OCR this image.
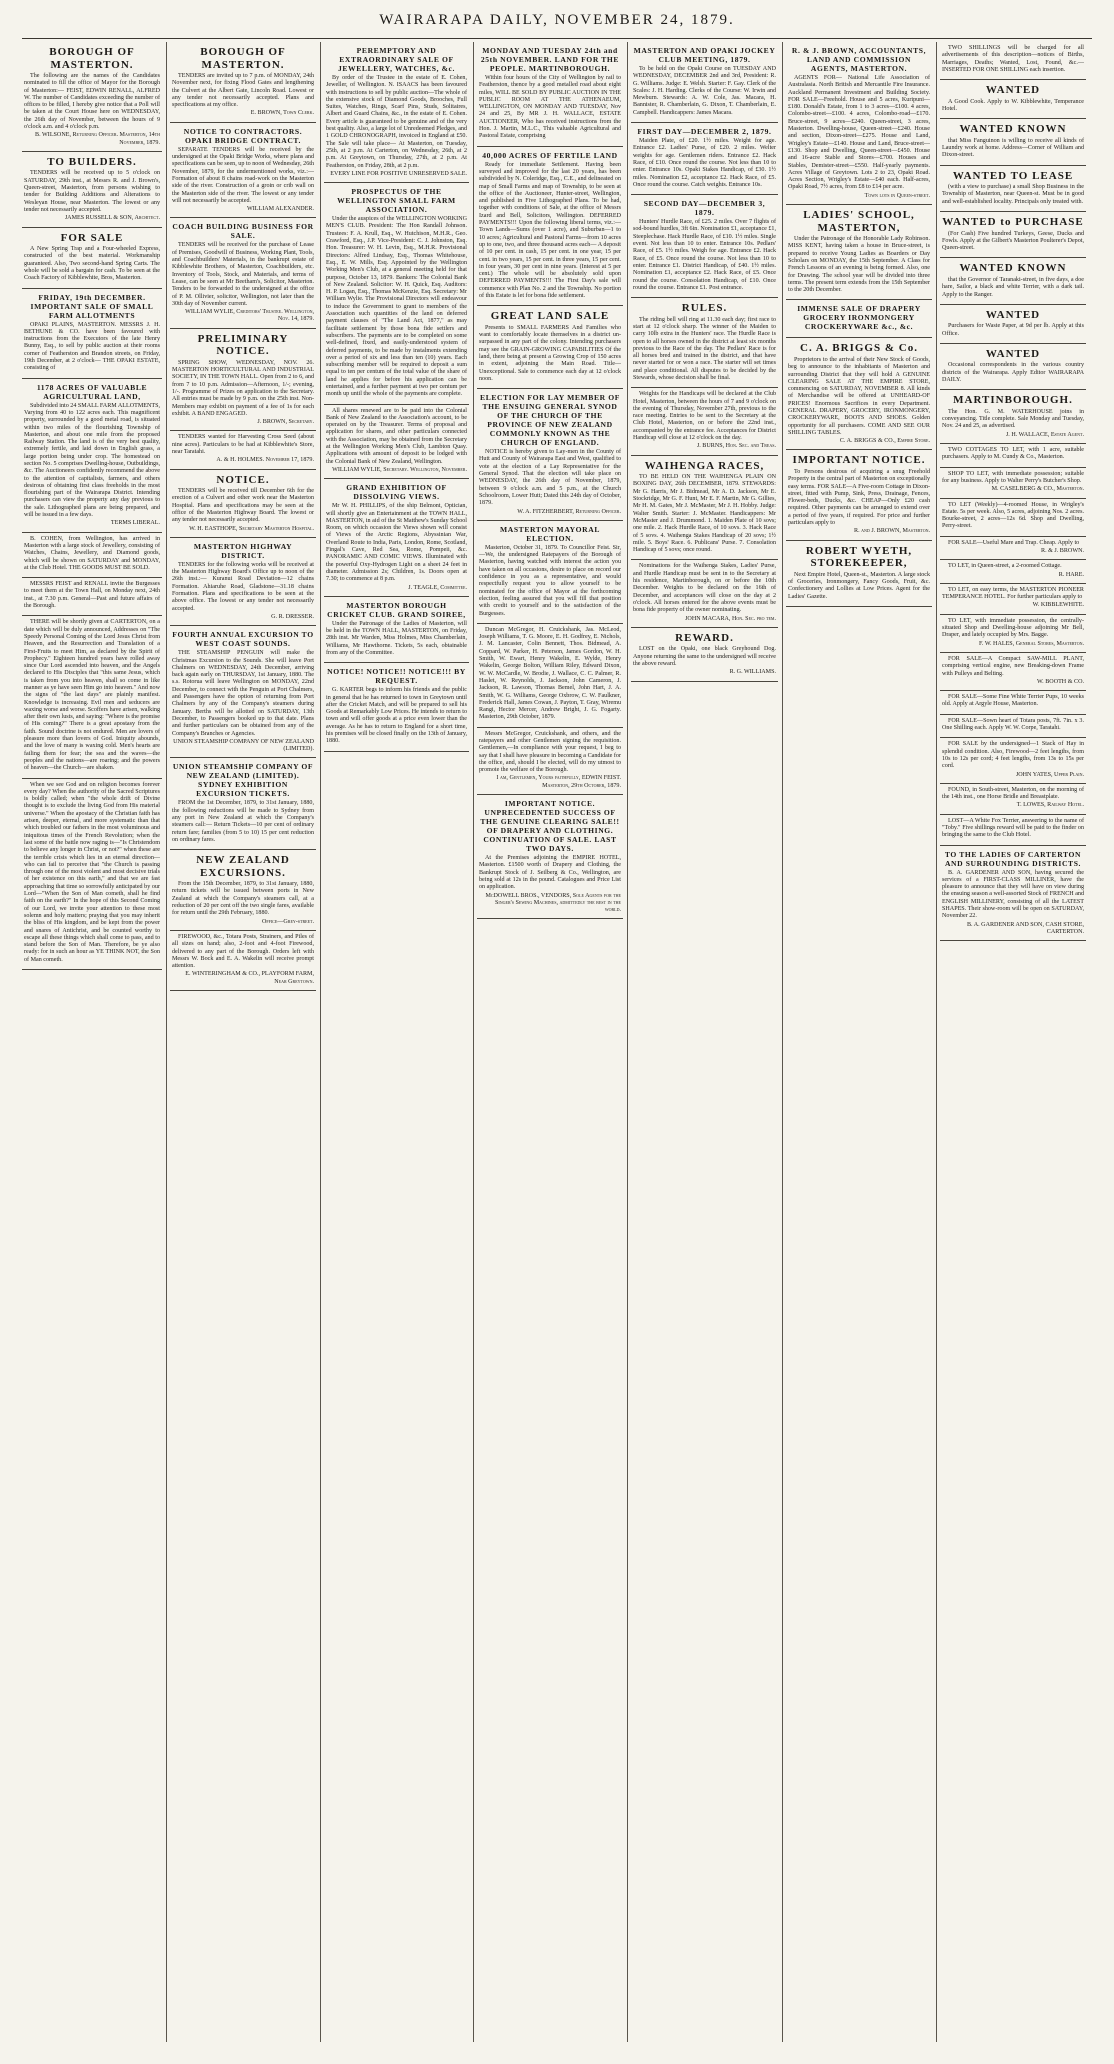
WAIRARAPA DAILY, NOVEMBER 24, 1879.
BOROUGH OF MASTERTON.

The following are the names of the Candidates nominated to fill the office of Mayor for the Borough of Masterton:— FEIST, EDWIN RENALL, ALFRED W. The number of Candidates exceeding the number of offices to be filled, I hereby give notice that a Poll will be taken at the Court House here on WEDNESDAY, the 26th day of November, between the hours of 9 o'clock a.m. and 4 o'clock p.m.

B. WILSONE, Returning Officer. Masterton, 14th November, 1879.
TO BUILDERS.

TENDERS will be received up to 5 o'clock on SATURDAY, 29th inst., at Messrs R. and J. Brown's, Queen-street, Masterton, from persons wishing to tender for Building Additions and Alterations to Wesleyan House, near Masterton. The lowest or any tender not necessarily accepted.

JAMES RUSSELL & SON, Architect.
FOR SALE

A New Spring Trap and a Four-wheeled Express, constructed of the best material. Workmanship guaranteed. Also, Two second-hand Spring Carts. The whole will be sold a bargain for cash. To be seen at the Coach Factory of Kibblewhite, Bros, Masterton.

FRIDAY, 19th DECEMBER. IMPORTANT SALE OF SMALL FARM ALLOTMENTS

OPAKI PLAINS, MASTERTON. MESSRS J. H. BETHUNE & CO. have been favoured with instructions from the Executors of the late Henry Bunny, Esq., to sell by public auction at their rooms corner of Featherston and Brandon streets, on Friday, 19th December, at 2 o'clock— THE OPAKI ESTATE, consisting of

1178 ACRES OF VALUABLE AGRICULTURAL LAND,

Subdivided into 24 SMALL FARM ALLOTMENTS, Varying from 40 to 122 acres each. This magnificent property, surrounded by a good metal road, is situated within two miles of the flourishing Township of Masterton, and about one mile from the proposed Railway Station. The land is of the very best quality, extremely fertile, and laid down in English grass, a large portion being under crop. The homestead on section No. 5 comprises Dwelling-house, Outbuildings, &c. The Auctioneers confidently recommend the above to the attention of capitalists, farmers, and others desirous of obtaining first class freeholds in the most flourishing part of the Wairarapa District. Intending purchasers can view the property any day previous to the sale. Lithographed plans are being prepared, and will be issued in a few days.

TERMS LIBERAL.

B. COHEN, from Wellington, has arrived in Masterton with a large stock of Jewellery, consisting of Watches, Chains, Jewellery, and Diamond goods, which will be shown on SATURDAY and MONDAY, at the Club Hotel. THE GOODS MUST BE SOLD.

MESSRS FEIST and RENALL invite the Burgesses to meet them at the Town Hall, on Monday next, 24th inst., at 7.30 p.m. General—Past and future affairs of the Borough.

THERE will be shortly given at CARTERTON, on a date which will be duly announced, Addresses on "The Speedy Personal Coming of the Lord Jesus Christ from Heaven, and the Resurrection and Translation of a First-Fruits to meet Him, as declared by the Spirit of Prophecy." Eighteen hundred years have rolled away since Our Lord ascended into heaven, and the Angels declared to His Disciples that "this same Jesus, which is taken from you into heaven, shall so come in like manner as ye have seen Him go into heaven." And now the signs of "the last days" are plainly manifest. Knowledge is increasing. Evil men and seducers are waxing worse and worse. Scoffers have arisen, walking after their own lusts, and saying: "Where is the promise of His coming?" There is a great apostasy from the faith. Sound doctrine is not endured. Men are lovers of pleasure more than lovers of God. Iniquity abounds, and the love of many is waxing cold. Men's hearts are failing them for fear; the sea and the waves—the peoples and the nations—are roaring; and the powers of heaven—the Church—are shaken.

When we see God and on religion becomes forever every day? When the authority of the Sacred Scriptures is boldly called; when "the whole drift of Divine thought is to exclude the living God from His material universe." When the apostacy of the Christian faith has arisen, deeper, eternal, and more systematic than that which troubled our fathers in the most voluminous and iniquitous times of the French Revolution; when the last some of the battle now raging is—"Is Christendom to believe any longer in Christ, or not?" when these are the terrible crisis which lies in an eternal direction—who can fail to perceive that "the Church is passing through one of the most violent and most decisive trials of her existence on this earth," and that we are fast approaching that time so sorrowfully anticipated by our Lord—"When the Son of Man cometh, shall he find faith on the earth?" In the hope of this Second Coming of our Lord, we invite your attention to these most solemn and holy matters; praying that you may inherit the bliss of His kingdom, and be kept from the power and snares of Antichrist, and be counted worthy to escape all these things which shall come to pass, and to stand before the Son of Man. Therefore, be ye also ready: for in such an hour as YE THINK NOT, the Son of Man cometh.

BOROUGH OF MASTERTON.

TENDERS are invited up to 7 p.m. of MONDAY, 24th November next, for fixing Flood Gates and lengthening the Culvert at the Albert Gate, Lincoln Road. Lowest or any tender not necessarily accepted. Plans and specifications at my office.

E. BROWN, Town Clerk.
NOTICE TO CONTRACTORS. OPAKI BRIDGE CONTRACT.

SEPARATE TENDERS will be received by the undersigned at the Opaki Bridge Works, where plans and specifications can be seen, up to noon of Wednesday, 26th November, 1879, for the undermentioned works, viz.:— Formation of about 8 chains road-work on the Masterton side of the river. Construction of a groin or crib wall on the Masterton side of the river. The lowest or any tender will not necessarily be accepted.

WILLIAM ALEXANDER.
COACH BUILDING BUSINESS FOR SALE.

TENDERS will be received for the purchase of Lease of Premises, Goodwill of Business, Working Plant, Tools, and Coachbuilders' Materials, in the bankrupt estate of Kibblewhite Brothers, of Masterton, Coachbuilders, etc. Inventory of Tools, Stock, and Materials, and terms of Lease, can be seen at Mr Beetham's, Solicitor, Masterton. Tenders to be forwarded to the undersigned at the office of P. M. Ollivier, solicitor, Wellington, not later than the 30th day of November current.

WILLIAM WYLIE, Creditors' Trustee. Wellington, Nov. 14, 1879.
PRELIMINARY NOTICE.

SPRING SHOW, WEDNESDAY, NOV. 26. MASTERTON HORTICULTURAL AND INDUSTRIAL SOCIETY, IN THE TOWN HALL. Open from 2 to 6, and from 7 to 10 p.m. Admission—Afternoon, 1/-; evening, 1/-. Programme of Prizes on application to the Secretary. All entries must be made by 9 p.m. on the 25th inst. Non-Members may exhibit on payment of a fee of 1s for each exhibit. A BAND ENGAGED.

J. BROWN, Secretary.

TENDERS wanted for Harvesting Cross Seed (about nine acres). Particulars to be had at Kibblewhite's Store, near Taratahi.

A. & H. HOLMES. November 17, 1879.
NOTICE.

TENDERS will be received till December 6th for the erection of a Culvert and other work near the Masterton Hospital. Plans and specifications may be seen at the office of the Masterton Highway Board. The lowest or any tender not necessarily accepted.

W. H. EASTHOPE, Secretary Masterton Hospital.
MASTERTON HIGHWAY DISTRICT.

TENDERS for the following works will be received at the Masterton Highway Board's Office up to noon of the 26th inst.:— Kuranui Road Deviation—12 chains Formation. Ahiaruhe Road, Gladstone—31.18 chains Formation. Plans and specifications to be seen at the above office. The lowest or any tender not necessarily accepted.

G. R. DRESSER.
FOURTH ANNUAL EXCURSION TO WEST COAST SOUNDS.

THE STEAMSHIP PENGUIN will make the Christmas Excursion to the Sounds. She will leave Port Chalmers on WEDNESDAY, 24th December, arriving back again early on THURSDAY, 1st January, 1880. The s.s. Rotorua will leave Wellington on MONDAY, 22nd December, to connect with the Penguin at Port Chalmers, and Passengers have the option of returning from Port Chalmers by any of the Company's steamers during January. Berths will be allotted on SATURDAY, 13th December, to Passengers booked up to that date. Plans and further particulars can be obtained from any of the Company's Branches or Agencies.

UNION STEAMSHIP COMPANY OF NEW ZEALAND (LIMITED).
UNION STEAMSHIP COMPANY OF NEW ZEALAND (LIMITED). SYDNEY EXHIBITION EXCURSION TICKETS.

FROM the 1st December, 1879, to 31st January, 1880, the following reductions will be made to Sydney from any port in New Zealand at which the Company's steamers call:— Return Tickets—10 per cent of ordinary return fare; families (from 5 to 10) 15 per cent reduction on ordinary fares.

NEW ZEALAND EXCURSIONS.

From the 15th December, 1879, to 31st January, 1880, return tickets will be issued between ports in New Zealand at which the Company's steamers call, at a reduction of 20 per cent off the two single fares, available for return until the 29th February, 1880.

Office—Grey-street.

FIREWOOD, &c., Totara Posts, Strainers, and Piles of all sizes on hand; also, 2-foot and 4-foot Firewood, delivered to any part of the Borough. Orders left with Messrs W. Bock and E. A. Wakelin will receive prompt attention.

E. WINTERINGHAM & CO., PLAYFORM FARM, Near Greytown.
PEREMPTORY AND EXTRAORDINARY SALE OF JEWELLERY, WATCHES, &c.

By order of the Trustee in the estate of E. Cohen, Jeweller, of Wellington. N. ISAACS has been favoured with instructions to sell by public auction—The whole of the extensive stock of Diamond Goods, Brooches, Full Suites, Watches, Rings, Scarf Pins, Studs, Solitaires, Albert and Guard Chains, &c., in the estate of E. Cohen. Every article is guaranteed to be genuine and of the very best quality. Also, a large lot of Unredeemed Pledges, and 1 GOLD CHRONOGRAPH, invoiced in England at £50. The Sale will take place— At Masterton, on Tuesday, 25th, at 2 p.m. At Carterton, on Wednesday, 26th, at 2 p.m. At Greytown, on Thursday, 27th, at 2 p.m. At Featherston, on Friday, 28th, at 2 p.m.

EVERY LINE FOR POSITIVE UNRESERVED SALE.
PROSPECTUS OF THE WELLINGTON SMALL FARM ASSOCIATION.

Under the auspices of the WELLINGTON WORKING MEN'S CLUB. President: The Hon Randall Johnson. Trustees: F. A. Krull, Esq., W. Hutchison, M.H.R., Geo. Crawford, Esq., J.P. Vice-President: C. J. Johnston, Esq. Hon. Treasurer: W. H. Levin, Esq., M.H.R. Provisional Directors: Alfred Lindsay, Esq., Thomas Whitehouse, Esq., E. W. Mills, Esq. Appointed by the Wellington Working Men's Club, at a general meeting held for that purpose, October 13, 1879. Bankers: The Colonial Bank of New Zealand. Solicitor: W. H. Quick, Esq. Auditors: H. P. Logan, Esq., Thomas McKenzie, Esq. Secretary: Mr William Wylie. The Provisional Directors will endeavour to induce the Government to grant to members of the Association such quantities of the land on deferred payment clauses of "The Land Act, 1877," as may facilitate settlement by those bona fide settlers and subscribers. The payments are to be completed on some well-defined, fixed, and easily-understood system of deferred payments, to be made by instalments extending over a period of six and less than ten (10) years. Each subscribing member will be required to deposit a sum equal to ten per centum of the total value of the share of land he applies for before his application can be entertained, and a further payment at two per centum per month up until the whole of the payments are complete.

All shares renewed are to be paid into the Colonial Bank of New Zealand to the Association's account, to be operated on by the Treasurer. Terms of proposal and application for shares, and other particulars connected with the Association, may be obtained from the Secretary at the Wellington Working Men's Club, Lambton Quay. Applications with amount of deposit to be lodged with the Colonial Bank of New Zealand, Wellington.

WILLIAM WYLIE, Secretary. Wellington, November.
GRAND EXHIBITION OF DISSOLVING VIEWS.

Mr W. H. PHILLIPS, of the ship Belmont, Optician, will shortly give an Entertainment at the TOWN HALL, MASTERTON, in aid of the St Matthew's Sunday School Room, on which occasion the Views shown will consist of Views of the Arctic Regions, Abyssinian War, Overland Route to India, Paris, London, Rome, Scotland, Fingal's Cave, Red Sea, Rome, Pompeii, &c. PANORAMIC AND COMIC VIEWS. Illuminated with the powerful Oxy-Hydrogen Light on a sheet 24 feet in diameter. Admission 2s; Children, 1s. Doors open at 7.30; to commence at 8 p.m.

J. TEAGLE, Committee.
MASTERTON BOROUGH CRICKET CLUB. GRAND SOIREE,

Under the Patronage of the Ladies of Masterton, will be held in the TOWN HALL, MASTERTON, on Friday, 28th inst. Mr Warden, Miss Holmes, Miss Chamberlain, Williams, Mr Hawthorne. Tickets, 5s each, obtainable from any of the Committee.

NOTICE! NOTICE!! NOTICE!!! BY REQUEST.

G. KARTER begs to inform his friends and the public in general that he has returned to town in Greytown until after the Cricket Match, and will be prepared to sell his Goods at Remarkably Low Prices. He intends to return to town and will offer goods at a price even lower than the average. As he has to return to England for a short time, his premises will be closed finally on the 13th of January, 1880.

MONDAY AND TUESDAY 24th and 25th NOVEMBER. LAND FOR THE PEOPLE. MARTINBOROUGH.

Within four hours of the City of Wellington by rail to Featherston, thence by a good metalled road about eight miles, WILL BE SOLD BY PUBLIC AUCTION IN THE PUBLIC ROOM AT THE ATHENAEUM, WELLINGTON, ON MONDAY AND TUESDAY, Nov 24 and 25, By MR J. H. WALLACE, ESTATE AUCTIONEER, Who has received instructions from the Hon. J. Martin, M.L.C., This valuable Agricultural and Pastoral Estate, comprising

40,000 ACRES OF FERTILE LAND

Ready for immediate Settlement. Having been surveyed and improved for the last 20 years, has been subdivided by N. Coleridge, Esq., C.E., and delineated on map of Small Farms and map of Township, to be seen at the office of the Auctioneer, Hunter-street, Wellington, and published in Five Lithographed Plans. To be had, together with conditions of Sale, at the office of Messrs Izard and Bell, Solicitors, Wellington. DEFERRED PAYMENTS!!! Upon the following liberal terms, viz.:— Town Lands—Sums (over 1 acre), and Suburban—1 to 10 acres; Agricultural and Pastoral Farms—from 10 acres up to one, two, and three thousand acres each— A deposit of 10 per cent. in cash, 15 per cent. in one year, 15 per cent. in two years, 15 per cent. in three years, 15 per cent. in four years, 30 per cent in nine years. (Interest at 5 per cent.) The whole will be absolutely sold upon DEFERRED PAYMENTS!!! The First Day's sale will commence with Plan No. 2 and the Township. No portion of this Estate is let for bona fide settlement.

GREAT LAND SALE

Presents to SMALL FARMERS And Families who want to comfortably locate themselves in a district un-surpassed in any part of the colony. Intending purchasers may see the GRAIN-GROWING CAPABILITIES Of the land, there being at present a Growing Crop of 150 acres in extent, adjoining the Main Road. Title—Unexceptional. Sale to commence each day at 12 o'clock noon.

ELECTION FOR LAY MEMBER OF THE ENSUING GENERAL SYNOD OF THE CHURCH OF THE PROVINCE OF NEW ZEALAND COMMONLY KNOWN AS THE CHURCH OF ENGLAND.

NOTICE is hereby given to Lay-men in the County of Hutt and County of Wairarapa East and West, qualified to vote at the election of a Lay Representative for the General Synod. That the election will take place on WEDNESDAY, the 26th day of November, 1879, between 9 o'clock a.m. and 5 p.m., at the Church Schoolroom, Lower Hutt; Dated this 24th day of October, 1879.

W. A. FITZHERBERT, Returning Officer.
MASTERTON MAYORAL ELECTION.

Masterton, October 31, 1879. To Councillor Feist. Sir,—We, the undersigned Ratepayers of the Borough of Masterton, having watched with interest the action you have taken on all occasions, desire to place on record our confidence in you as a representative, and would respectfully request you to allow yourself to be nominated for the office of Mayor at the forthcoming election, feeling assured that you will fill that position with credit to yourself and to the satisfaction of the Burgesses.

Duncan McGregor, H. Cruickshank, Jas. McLeod, Joseph Williams, T. G. Moore, E. H. Godfrey, E. Nichols, J. M. Lancaster, Colin Bennett, Thos. Bidmead, A. Coppard, W. Parker, H. Peterson, James Gordon, W. H. Smith, W. Ewart, Henry Wakelin, E. Wylde, Henry Wakelin, George Bolton, William Riley, Edward Dixon, W. W. McCardle, W. Brodie, J. Wallace, C. C. Palmer, R. Haslet, W. Reynolds, J. Jackson, John Cameron, J. Jackson, R. Lawson, Thomas Bemel, John Hart, J. A. Smith, W. G. Williams, George Oxbrow, C. W. Faulkner, Frederick Hall, James Cowan, J. Payton, T. Gray, Wiremu Rangi, Hector Mercer, Andrew Bright, J. G. Fogarty. Masterton, 29th October, 1879.

Messrs McGregor, Cruickshank, and others, and the ratepayers and other Gentlemen signing the requisition. Gentlemen,—In compliance with your request, I beg to say that I shall have pleasure in becoming a Candidate for the office, and, should I be elected, will do my utmost to promote the welfare of the Borough.

I am, Gentlemen, Yours faithfully, EDWIN FEIST. Masterton, 29th October, 1879.
IMPORTANT NOTICE. UNPRECEDENTED SUCCESS OF THE GENUINE CLEARING SALE!! OF DRAPERY AND CLOTHING. CONTINUATION OF SALE. LAST TWO DAYS.

At the Premises adjoining the EMPIRE HOTEL, Masterton. £1500 worth of Drapery and Clothing, the Bankrupt Stock of J. Seilberg & Co., Wellington, are being sold at 12s in the pound. Catalogues and Price List on application.

McDOWELL BROS., VENDORS, Sole Agents for the Singer's Sewing Machines, admittedly the best in the world.
MASTERTON AND OPAKI JOCKEY CLUB MEETING, 1879.

To be held on the Opaki Course on TUESDAY AND WEDNESDAY, DECEMBER 2nd and 3rd, President: R. G. Williams. Judge: E. Welsh. Starter: F. Gay. Clerk of the Scales: J. H. Harding. Clerks of the Course: W. Irwin and Mewburn. Stewards: A. W. Cole, Jas. Macara, H. Bannister, R. Chamberlain, G. Dixon, T. Chamberlain, E. Campbell. Handicappers: James Macara.

FIRST DAY—DECEMBER 2, 1879.

Maiden Plate, of £20. 1½ miles. Weight for age. Entrance £2. Ladies' Purse, of £20. 2 miles. Welter weights for age. Gentlemen riders. Entrance £2. Hack Race, of £10. Once round the course. Not less than 10 to enter. Entrance 10s. Opaki Stakes Handicap, of £30. 1½ miles. Nomination £2, acceptance £2. Hack Race, of £5. Once round the course. Catch weights. Entrance 10s.

SECOND DAY—DECEMBER 3, 1879.

Hunters' Hurdle Race, of £25. 2 miles. Over 7 flights of sod-bound hurdles, 3ft 6in. Nomination £1, acceptance £1, Steeplechase. Hack Hurdle Race, of £10. 1½ miles. Single event. Not less than 10 to enter. Entrance 10s. Pedlars' Race, of £5. 1½ miles. Weigh for age. Entrance £2. Hack Race, of £5. Once round the course. Not less than 10 to enter. Entrance £1. District Handicap, of £40. 1½ miles. Nomination £1, acceptance £2. Hack Race, of £5. Once round the course. Consolation Handicap, of £10. Once round the course. Entrance £1. Post entrance.

RULES.

The riding bell will ring at 11.30 each day; first race to start at 12 o'clock sharp. The winner of the Maiden to carry 10lb extra in the Hunters' race. The Hurdle Race is open to all horses owned in the district at least six months previous to the Race of the day. The Pedlars' Race is for all horses bred and trained in the district, and that have never started for or won a race. The starter will set times and place conditional. All disputes to be decided by the Stewards, whose decision shall be final.

Weights for the Handicaps will be declared at the Club Hotel, Masterton, between the hours of 7 and 9 o'clock on the evening of Thursday, November 27th, previous to the race meeting. Entries to be sent to the Secretary at the Club Hotel, Masterton, on or before the 22nd inst., accompanied by the entrance fee. Acceptances for District Handicap will close at 12 o'clock on the day.

J. BURNS, Hon. Sec. and Treas.
WAIHENGA RACES,

TO BE HELD ON THE WAIHENGA PLAIN ON BOXING DAY, 26th DECEMBER, 1879. STEWARDS: Mr G. Harris, Mr J. Bidmead, Mr A. D. Jackson, Mr E. Stockridge, Mr G. F. Hunt, Mr E. F. Martin, Mr G. Gillies, Mr H. M. Gates, Mr J. McMaster, Mr J. H. Hobby. Judge: Walter Smith. Starter: J. McMaster. Handicappers: Mr McMaster and J. Drummond. 1. Maiden Plate of 10 sovs; one mile. 2. Hack Hurdle Race, of 10 sovs. 3. Hack Race of 5 sovs. 4. Waihenga Stakes Handicap of 20 sovs; 1½ mile. 5. Boys' Race. 6. Publicans' Purse. 7. Consolation Handicap of 5 sovs; once round.

Nominations for the Waihenga Stakes, Ladies' Purse, and Hurdle Handicap must be sent in to the Secretary at his residence, Martinborough, on or before the 10th December. Weights to be declared on the 16th of December, and acceptances will close on the day at 2 o'clock. All horses entered for the above events must be bona fide property of the owner nominating.

JOHN MACARA, Hon. Sec. pro tem.
REWARD.

LOST on the Opaki, one black Greyhound Dog. Anyone returning the same to the undersigned will receive the above reward.

R. G. WILLIAMS.
R. & J. BROWN, ACCOUNTANTS, LAND AND COMMISSION AGENTS, MASTERTON.

AGENTS FOR— National Life Association of Australasia. North British and Mercantile Fire Insurance. Auckland Permanent Investment and Building Society. FOR SALE—Freehold. House and 5 acres, Kuripuni—£180. Donald's Estate, from 1 to 3 acres—£100. 4 acres, Colombo-street—£100. 4 acres, Colombo-road—£170. Bruce-street, 9 acres—£240. Queen-street, 3 acres, Masterton. Dwelling-house, Queen-street—£240. House and section, Dixon-street—£275. House and Land, Wrigley's Estate—£140. House and Land, Bruce-street—£130. Shop and Dwelling, Queen-street—£450. House and 16-acre Stable and Stores—£700. Houses and Stables, Demister-street—£550. Half-yearly payments. Acres Village of Greytown. Lots 2 to 23, Opaki Road. Acres Section, Wrigley's Estate—£40 each. Half-acres, Opaki Road, 7½ acres, from £8 to £14 per acre.

Town lots in Queen-street.
LADIES' SCHOOL, MASTERTON,

Under the Patronage of the Honorable Lady Robinson. MISS KENT, having taken a house in Bruce-street, is prepared to receive Young Ladies as Boarders or Day Scholars on MONDAY, the 15th September. A Class for French Lessons of an evening is being formed. Also, one for Drawing. The school year will be divided into three terms. The present term extends from the 15th September to the 20th December.

IMMENSE SALE OF DRAPERY GROCERY IRONMONGERY CROCKERYWARE &c., &c.
C. A. BRIGGS & Co.

Proprietors to the arrival of their New Stock of Goods, beg to announce to the inhabitants of Masterton and surrounding District that they will hold A GENUINE CLEARING SALE AT THE EMPIRE STORE, commencing on SATURDAY, NOVEMBER 8. All kinds of Merchandise will be offered at UNHEARD-OF PRICES! Enormous Sacrifices in every Department. GENERAL DRAPERY, GROCERY, IRONMONGERY, CROCKERYWARE, BOOTS AND SHOES. Golden opportunity for all purchasers. COME AND SEE OUR SHILLING TABLES.

C. A. BRIGGS & CO., Empire Store.
IMPORTANT NOTICE.

To Persons desirous of acquiring a snug Freehold Property in the central part of Masterton on exceptionally easy terms. FOR SALE—A Five-room Cottage in Dixon-street, fitted with Pump, Sink, Press, Drainage, Fences, Flower-beds, Ducks, &c. CHEAP—Only £20 cash required. Other payments can be arranged to extend over a period of five years, if required. For price and further particulars apply to

R. and J. BROWN, Masterton.
ROBERT WYETH, STOREKEEPER,

Next Empire Hotel, Queen-st., Masterton. A large stock of Groceries, Ironmongery, Fancy Goods, Fruit, &c. Confectionery and Lollies at Low Prices. Agent for the Ladies' Gazette.

TWO SHILLINGS will be charged for all advertisements of this description—notices of Births, Marriages, Deaths; Wanted, Lost, Found, &c.—INSERTED FOR ONE SHILLING each insertion.

WANTED

A Good Cook. Apply to W. Kibblewhite, Temperance Hotel.

WANTED KNOWN

that Miss Fanguinon is willing to receive all kinds of Laundry work at home. Address—Corner of William and Dixon-street.

WANTED TO LEASE

(with a view to purchase) a small Shop Business in the Township of Masterton, near Queen-st. Must be in good and well-established locality. Principals only treated with.

WANTED to PURCHASE

(For Cash) Five hundred Turkeys, Geese, Ducks and Fowls. Apply at the Gilbert's Masterton Poulterer's Depot, Queen-street.

WANTED KNOWN

that the Governor of Taranaki-street, in five days, a doe hare, Sailor, a black and white Terrier, with a dark tail. Apply to the Ranger.

WANTED

Purchasers for Waste Paper, at 9d per lb. Apply at this Office.

WANTED

Occasional correspondents in the various country districts of the Wairarapa. Apply Editor WAIRARAPA DAILY.

MARTINBOROUGH.

The Hon. G. M. WATERHOUSE joins in conveyancing. Title complete. Sale Monday and Tuesday, Nov. 24 and 25, as advertised.

J. H. WALLACE, Estate Agent.

TWO COTTAGES TO LET, with 1 acre, suitable purchasers. Apply to M. Cundy & Co., Masterton.

SHOP TO LET, with immediate possession; suitable for any business. Apply to Walter Perry's Butcher's Shop.

M. CASELBERG & CO., Masterton.

TO LET (Weekly)—4-roomed House, in Wrigley's Estate. 5s per week. Also, 5 acres, adjoining Nos. 2 acres. Bourke-street, 2 acres—12s 6d. Shop and Dwelling, Perry-street.

FOR SALE—Useful Mare and Trap. Cheap. Apply to

R. & J. BROWN.

TO LET, in Queen-street, a 2-roomed Cottage.

R. HARE.

TO LET, on easy terms, the MASTERTON PIONEER TEMPERANCE HOTEL. For further particulars apply to

W. KIBBLEWHITE.

TO LET, with immediate possession, the centrally-situated Shop and Dwelling-house adjoining Mr Bell, Draper, and lately occupied by Mrs. Bagge.

F. W. HALES, General Stores, Masterton.

FOR SALE—A Compact SAW-MILL PLANT, comprising vertical engine, new Breaking-down Frame with Pulleys and Belting.

W. BOOTH & CO.

FOR SALE—Some Fine White Terrier Pups, 10 weeks old. Apply at Argyle House, Masterton.

FOR SALE—Sown heart of Totara posts, 7ft. 7in. x 3. One Shilling each. Apply W. W. Corpe, Taratahi.

FOR SALE by the undersigned—1 Stack of Hay in splendid condition. Also, Firewood—2 feet lengths, from 10s to 12s per cord; 4 feet lengths, from 13s to 15s per cord.

JOHN YATES, Upper Plain.

FOUND, in South-street, Masterton, on the morning of the 14th inst., one Horse Bridle and Breastplate.

T. LOWES, Railway Hotel.

LOST—A White Fox Terrier, answering to the name of "Toby." Five shillings reward will be paid to the finder on bringing the same to the Club Hotel.

TO THE LADIES OF CARTERTON AND SURROUNDING DISTRICTS.

B. A. GARDENER AND SON, having secured the services of a FIRST-CLASS MILLINER, have the pleasure to announce that they will have on view during the ensuing season a well-assorted Stock of FRENCH and ENGLISH MILLINERY, consisting of all the LATEST SHAPES. Their show-room will be open on SATURDAY, November 22.

B. A. GARDENER AND SON, CASH STORE, CARTERTON.
